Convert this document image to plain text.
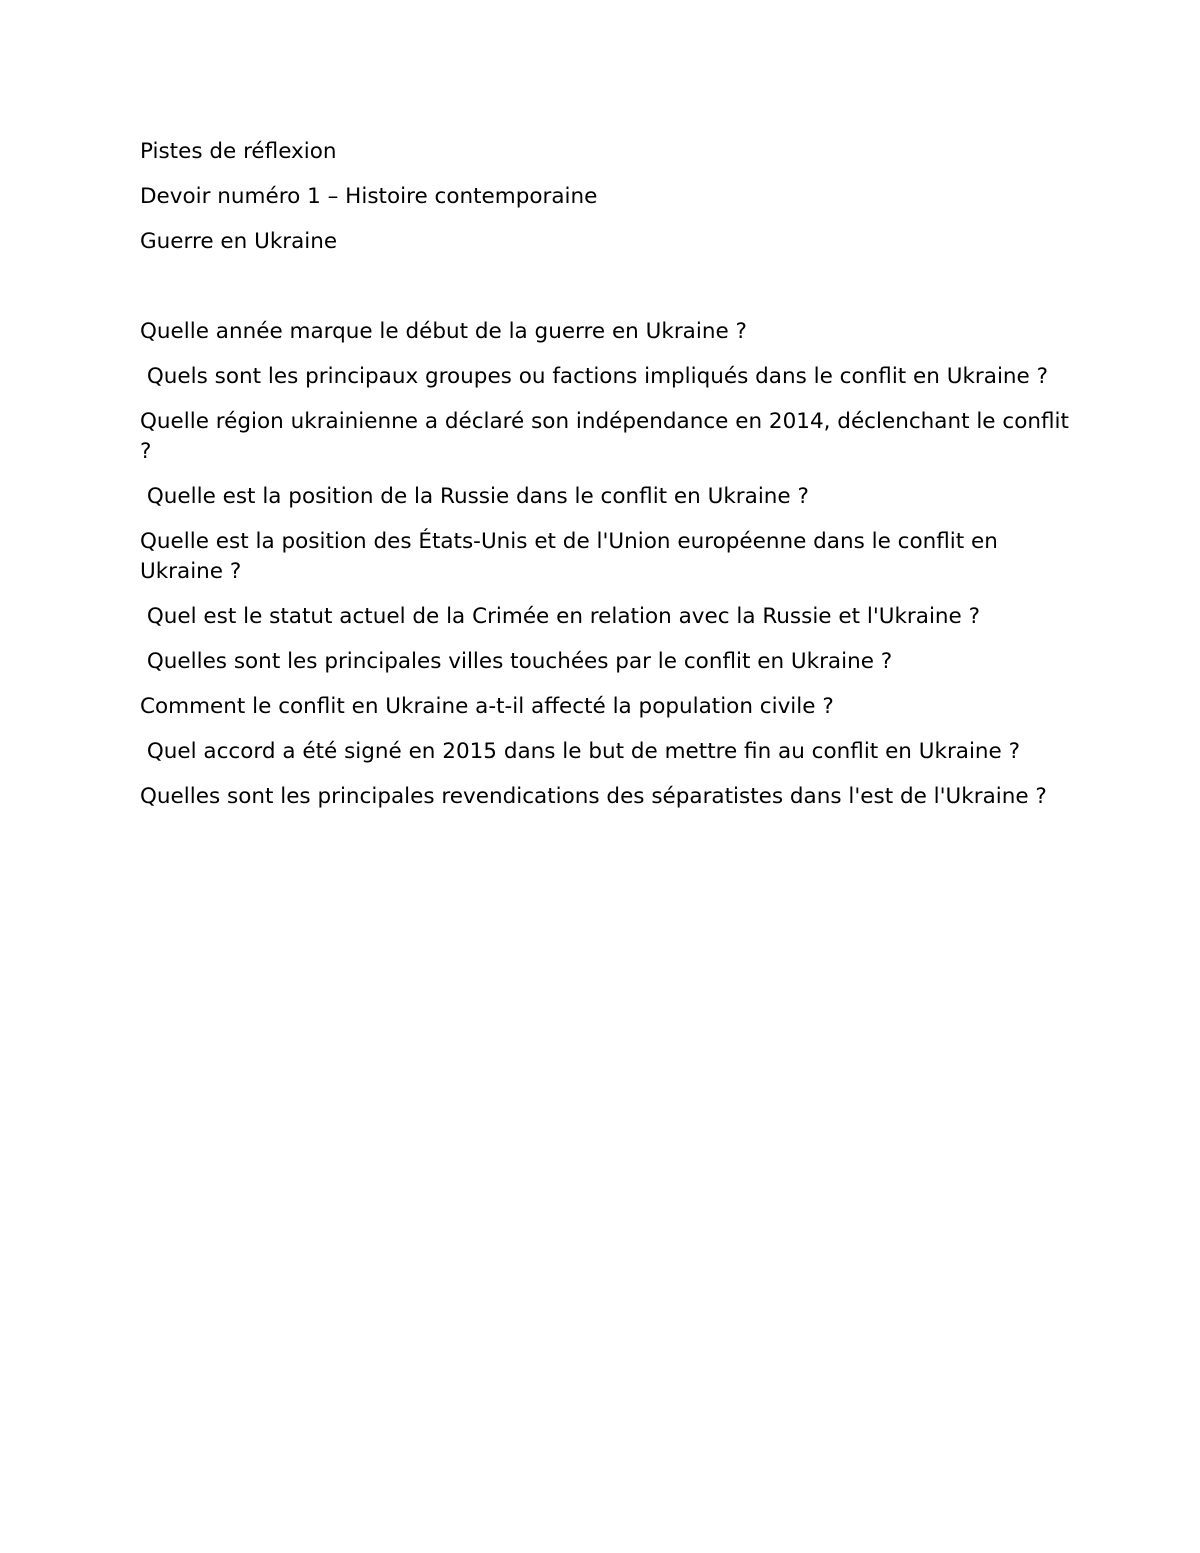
Pistes de réflexion

Devoir numéro 1 – Histoire contemporaine

Guerre en Ukraine

Quelle année marque le début de la guerre en Ukraine ?

Quels sont les principaux groupes ou factions impliqués dans le conflit en Ukraine ?

Quelle région ukrainienne a déclaré son indépendance en 2014, déclenchant le conflit ?

Quelle est la position de la Russie dans le conflit en Ukraine ?

Quelle est la position des États-Unis et de l'Union européenne dans le conflit en Ukraine ?

Quel est le statut actuel de la Crimée en relation avec la Russie et l'Ukraine ?

Quelles sont les principales villes touchées par le conflit en Ukraine ?

Comment le conflit en Ukraine a-t-il affecté la population civile ?

Quel accord a été signé en 2015 dans le but de mettre fin au conflit en Ukraine ?

Quelles sont les principales revendications des séparatistes dans l'est de l'Ukraine ?
